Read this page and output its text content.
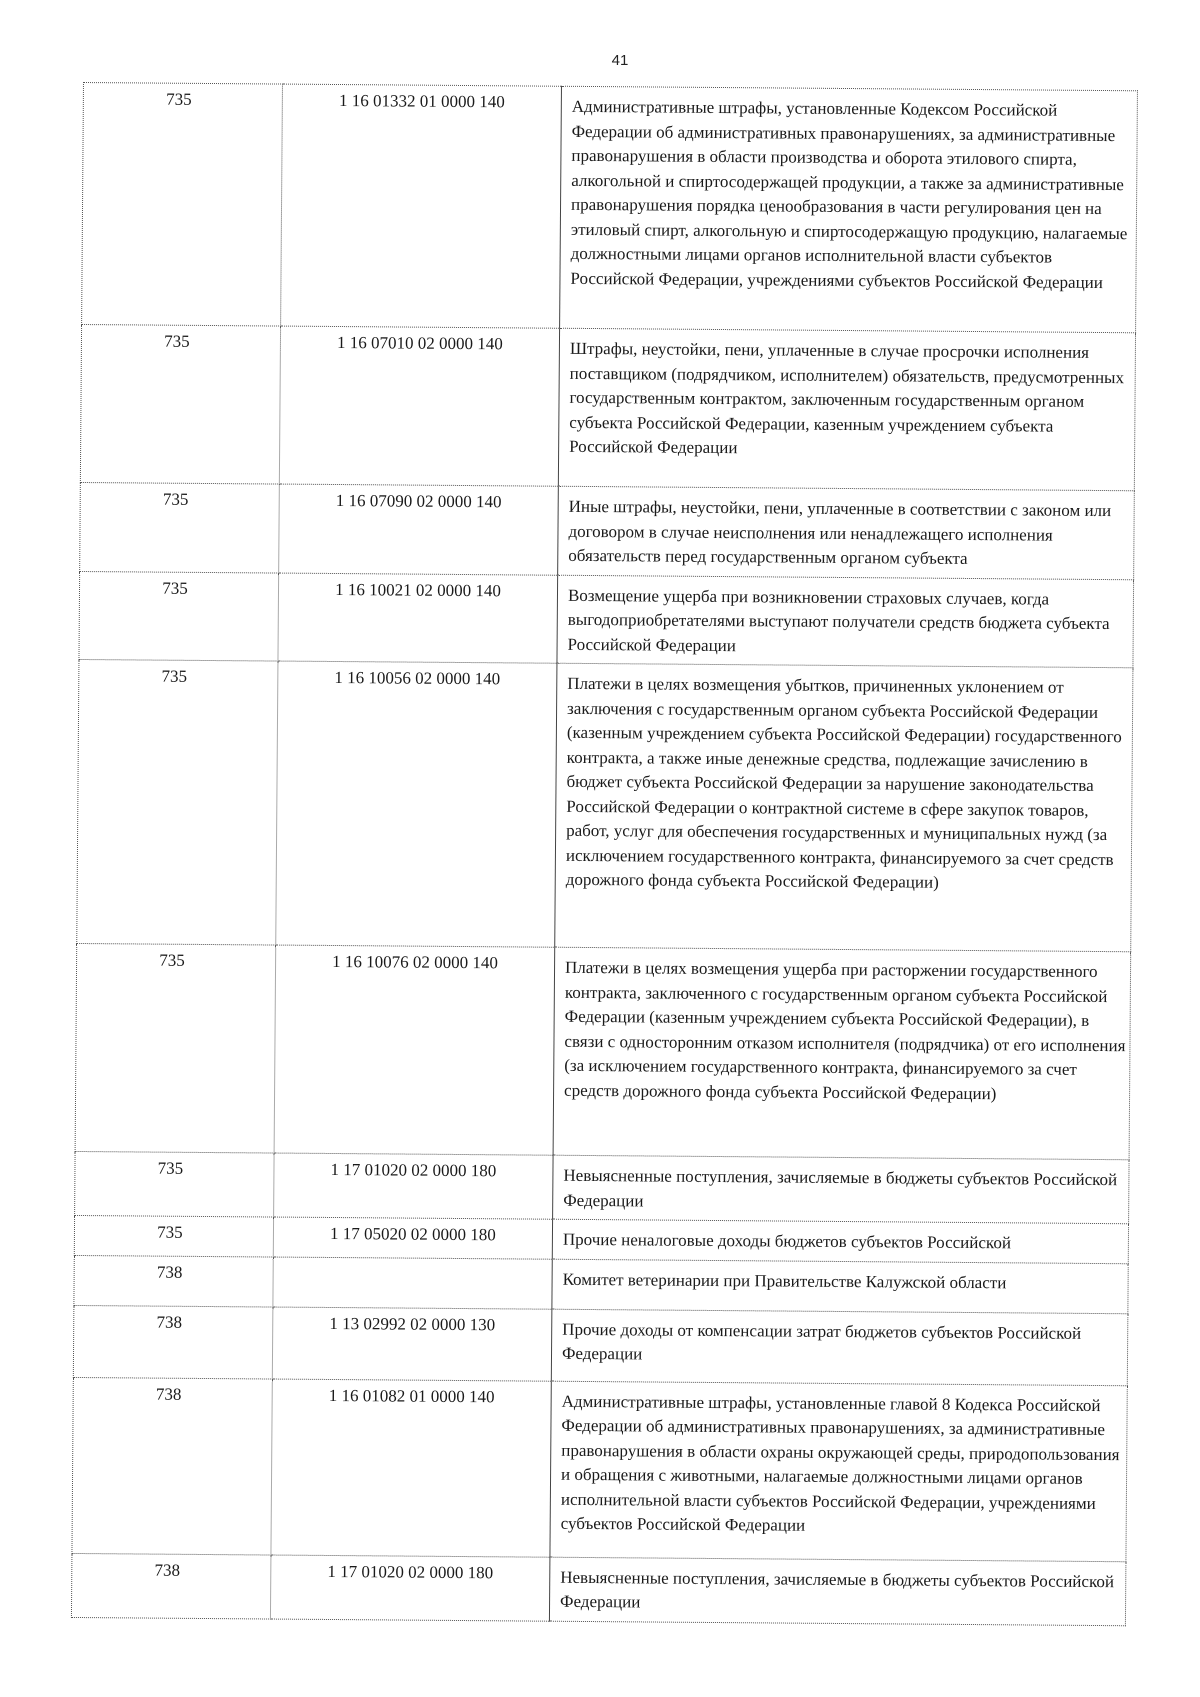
41
735	1 16 01332 01 0000 140	Административные штрафы, установленные Кодексом Российской Федерации об административных правонарушениях, за административные правонарушения в области производства и оборота этилового спирта, алкогольной и спиртосодержащей продукции, а также за административные правонарушения порядка ценообразования в части регулирования цен на этиловый спирт, алкогольную и спиртосодержащую продукцию, налагаемые должностными лицами органов исполнительной власти субъектов Российской Федерации, учреждениями субъектов Российской Федерации
735	1 16 07010 02 0000 140	Штрафы, неустойки, пени, уплаченные в случае просрочки исполнения поставщиком (подрядчиком, исполнителем) обязательств, предусмотренных государственным контрактом, заключенным государственным органом субъекта Российской Федерации, казенным учреждением субъекта Российской Федерации
735	1 16 07090 02 0000 140	Иные штрафы, неустойки, пени, уплаченные в соответствии с законом или договором в случае неисполнения или ненадлежащего исполнения обязательств перед государственным органом субъекта
735	1 16 10021 02 0000 140	Возмещение ущерба при возникновении страховых случаев, когда выгодоприобретателями выступают получатели средств бюджета субъекта Российской Федерации
735	1 16 10056 02 0000 140	Платежи в целях возмещения убытков, причиненных уклонением от заключения с государственным органом субъекта Российской Федерации (казенным учреждением субъекта Российской Федерации) государственного контракта, а также иные денежные средства, подлежащие зачислению в бюджет субъекта Российской Федерации за нарушение законодательства Российской Федерации о контрактной системе в сфере закупок товаров, работ, услуг для обеспечения государственных и муниципальных нужд (за исключением государственного контракта, финансируемого за счет средств дорожного фонда субъекта Российской Федерации)
735	1 16 10076 02 0000 140	Платежи в целях возмещения ущерба при расторжении государственного контракта, заключенного с государственным органом субъекта Российской Федерации (казенным учреждением субъекта Российской Федерации), в связи с односторонним отказом исполнителя (подрядчика) от его исполнения (за исключением государственного контракта, финансируемого за счет средств дорожного фонда субъекта Российской Федерации)
735	1 17 01020 02 0000 180	Невыясненные поступления, зачисляемые в бюджеты субъектов Российской Федерации
735	1 17 05020 02 0000 180	Прочие неналоговые доходы бюджетов субъектов Российской
738		Комитет ветеринарии при Правительстве Калужской области
738	1 13 02992 02 0000 130	Прочие доходы от компенсации затрат бюджетов субъектов Российской Федерации
738	1 16 01082 01 0000 140	Административные штрафы, установленные главой 8 Кодекса Российской Федерации об административных правонарушениях, за административные правонарушения в области охраны окружающей среды, природопользования и обращения с животными, налагаемые должностными лицами органов исполнительной власти субъектов Российской Федерации, учреждениями субъектов Российской Федерации
738	1 17 01020 02 0000 180	Невыясненные поступления, зачисляемые в бюджеты субъектов Российской Федерации
